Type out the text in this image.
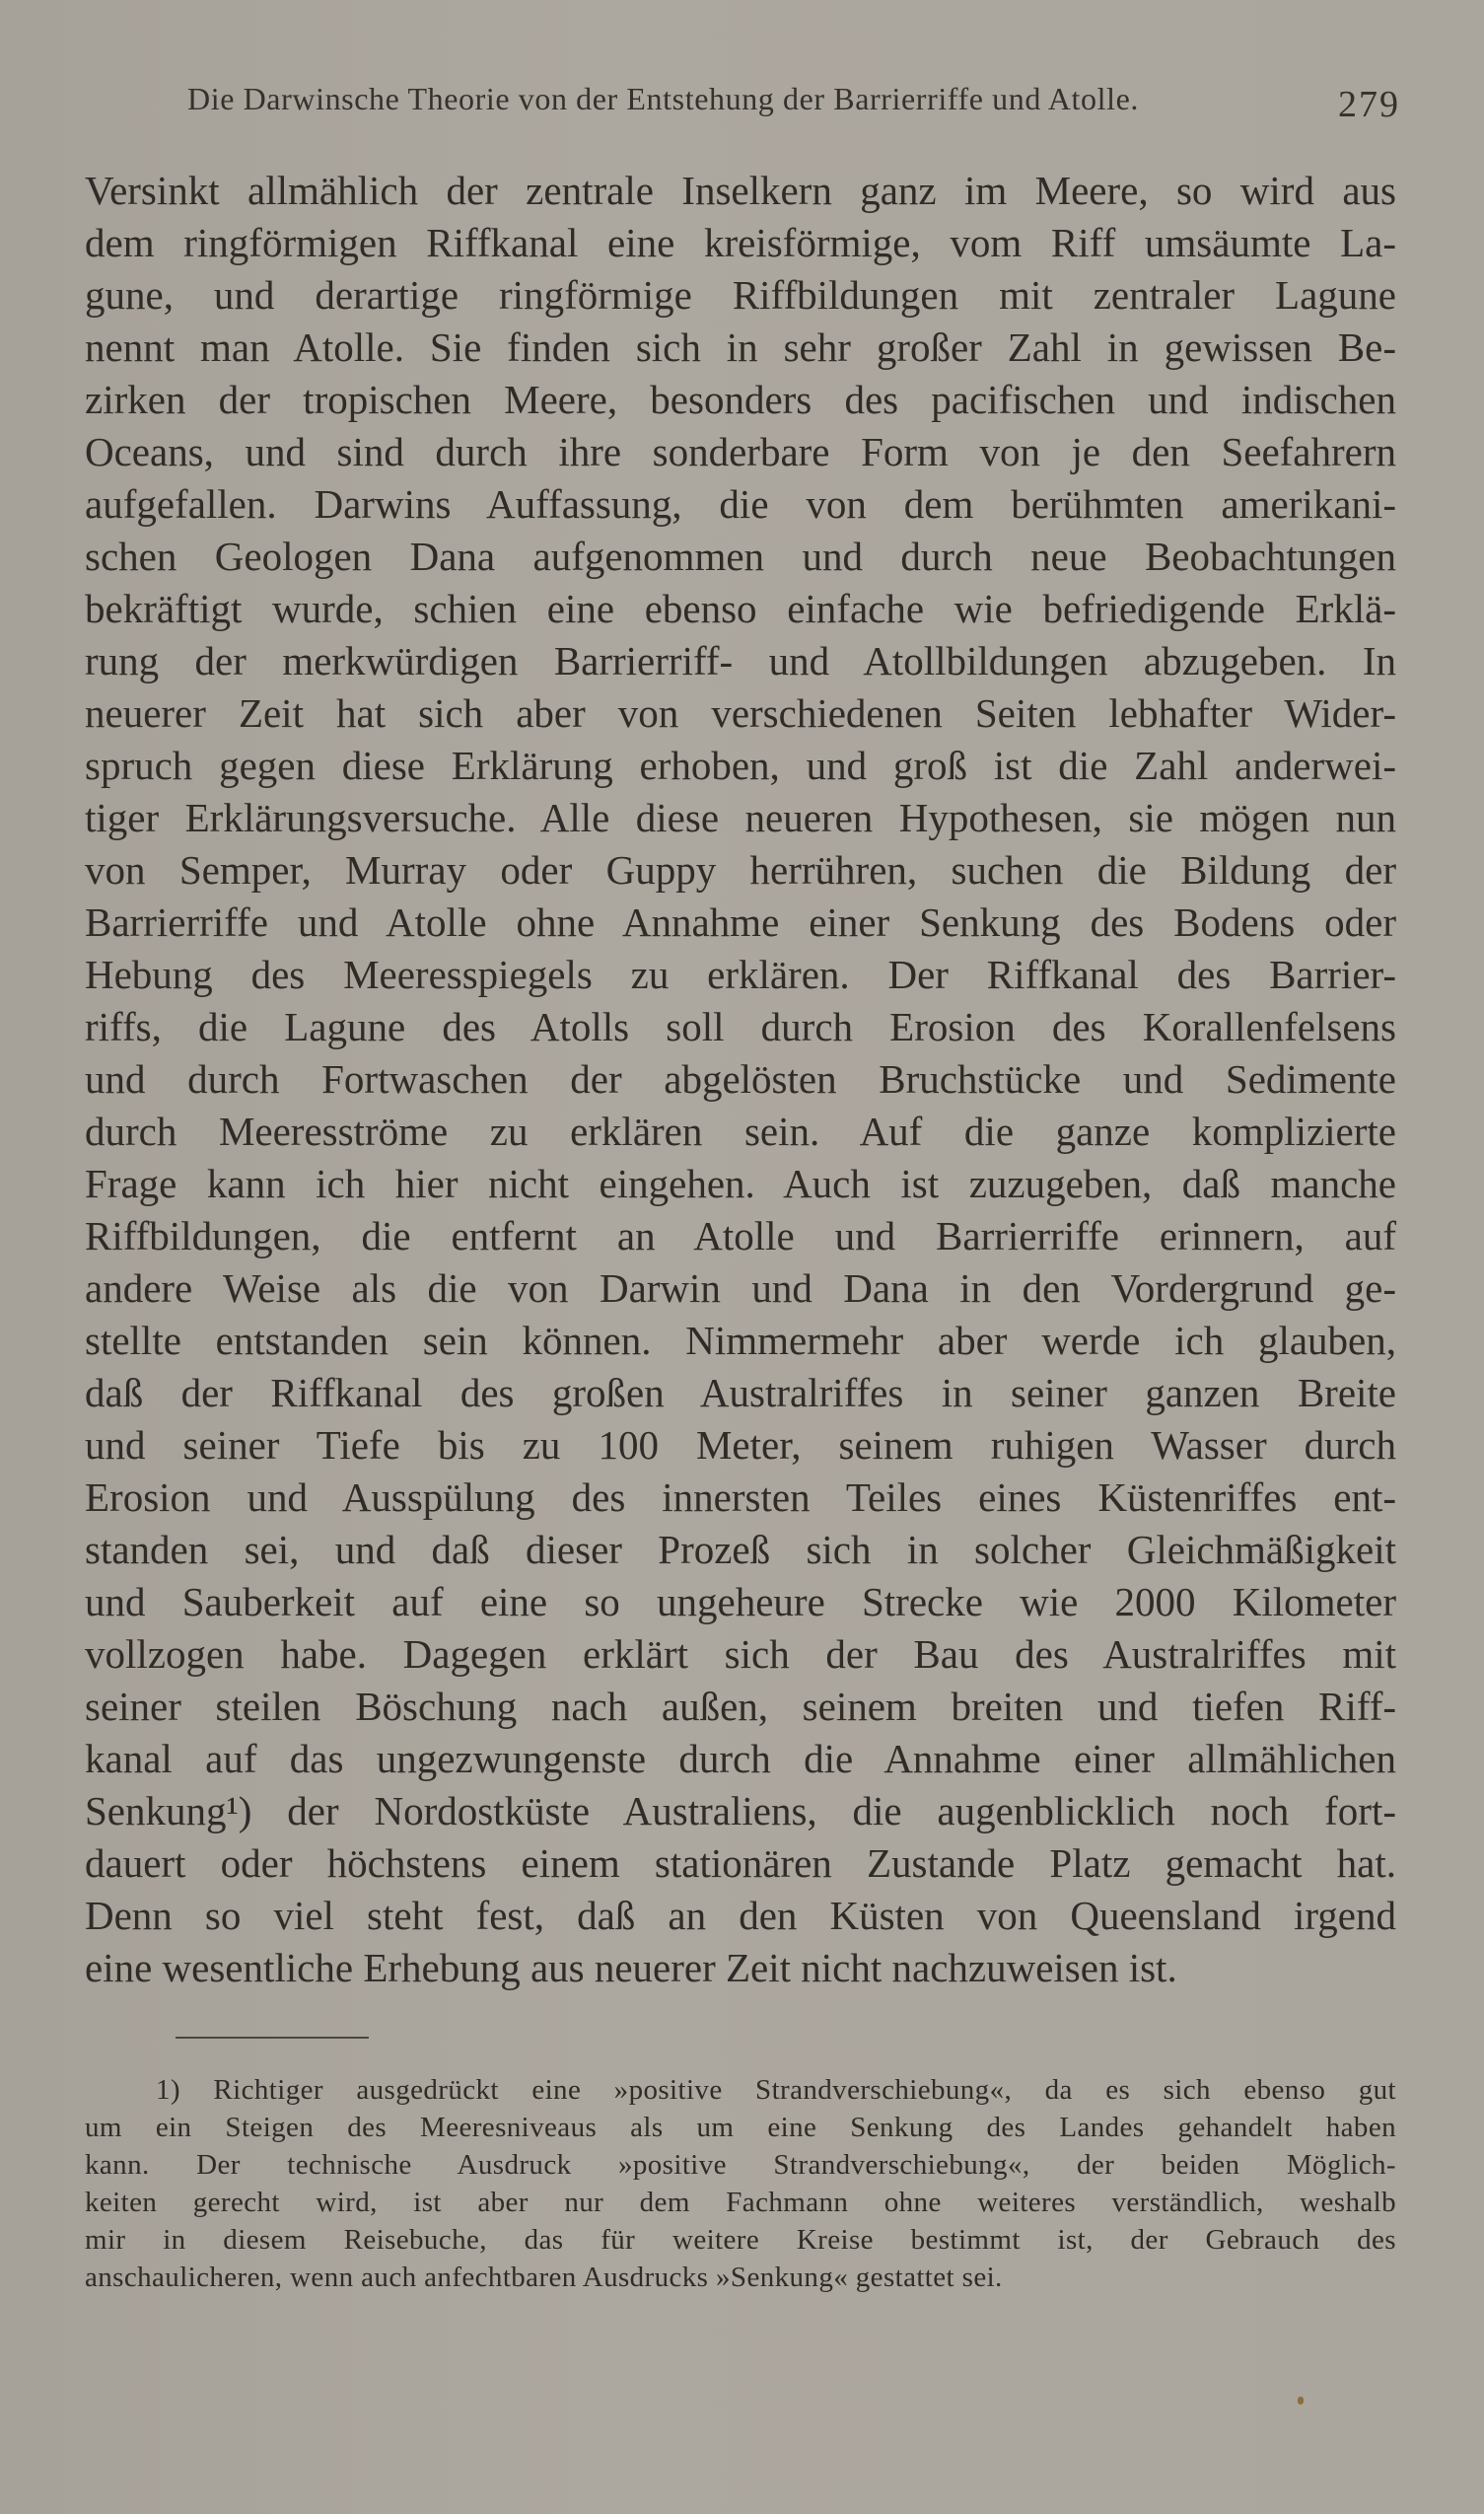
Die Darwinsche Theorie von der Entstehung der Barrierriffe und Atolle.	279
Versinkt allmählich der zentrale Inselkern ganz im Meere, so wird aus
dem ringförmigen Riffkanal eine kreisförmige, vom Riff umsäumte La-
gune, und derartige ringförmige Riffbildungen mit zentraler Lagune
nennt man Atolle. Sie finden sich in sehr großer Zahl in gewissen Be-
zirken der tropischen Meere, besonders des pacifischen und indischen
Oceans, und sind durch ihre sonderbare Form von je den Seefahrern
aufgefallen. Darwins Auffassung, die von dem berühmten amerikani-
schen Geologen Dana aufgenommen und durch neue Beobachtungen
bekräftigt wurde, schien eine ebenso einfache wie befriedigende Erklä-
rung der merkwürdigen Barrierriff- und Atollbildungen abzugeben. In
neuerer Zeit hat sich aber von verschiedenen Seiten lebhafter Wider-
spruch gegen diese Erklärung erhoben, und groß ist die Zahl anderwei-
tiger Erklärungsversuche. Alle diese neueren Hypothesen, sie mögen nun
von Semper, Murray oder Guppy herrühren, suchen die Bildung der
Barrierriffe und Atolle ohne Annahme einer Senkung des Bodens oder
Hebung des Meeresspiegels zu erklären. Der Riffkanal des Barrier-
riffs, die Lagune des Atolls soll durch Erosion des Korallenfelsens
und durch Fortwaschen der abgelösten Bruchstücke und Sedimente
durch Meeresströme zu erklären sein. Auf die ganze komplizierte
Frage kann ich hier nicht eingehen. Auch ist zuzugeben, daß manche
Riffbildungen, die entfernt an Atolle und Barrierriffe erinnern, auf
andere Weise als die von Darwin und Dana in den Vordergrund ge-
stellte entstanden sein können. Nimmermehr aber werde ich glauben,
daß der Riffkanal des großen Australriffes in seiner ganzen Breite
und seiner Tiefe bis zu 100 Meter, seinem ruhigen Wasser durch
Erosion und Ausspülung des innersten Teiles eines Küstenriffes ent-
standen sei, und daß dieser Prozeß sich in solcher Gleichmäßigkeit
und Sauberkeit auf eine so ungeheure Strecke wie 2000 Kilometer
vollzogen habe. Dagegen erklärt sich der Bau des Australriffes mit
seiner steilen Böschung nach außen, seinem breiten und tiefen Riff-
kanal auf das ungezwungenste durch die Annahme einer allmählichen
Senkung¹) der Nordostküste Australiens, die augenblicklich noch fort-
dauert oder höchstens einem stationären Zustande Platz gemacht hat.
Denn so viel steht fest, daß an den Küsten von Queensland irgend
eine wesentliche Erhebung aus neuerer Zeit nicht nachzuweisen ist.
1) Richtiger ausgedrückt eine »positive Strandverschiebung«, da es sich ebenso gut
um ein Steigen des Meeresniveaus als um eine Senkung des Landes gehandelt haben
kann. Der technische Ausdruck »positive Strandverschiebung«, der beiden Möglich-
keiten gerecht wird, ist aber nur dem Fachmann ohne weiteres verständlich, weshalb
mir in diesem Reisebuche, das für weitere Kreise bestimmt ist, der Gebrauch des
anschaulicheren, wenn auch anfechtbaren Ausdrucks »Senkung« gestattet sei.
